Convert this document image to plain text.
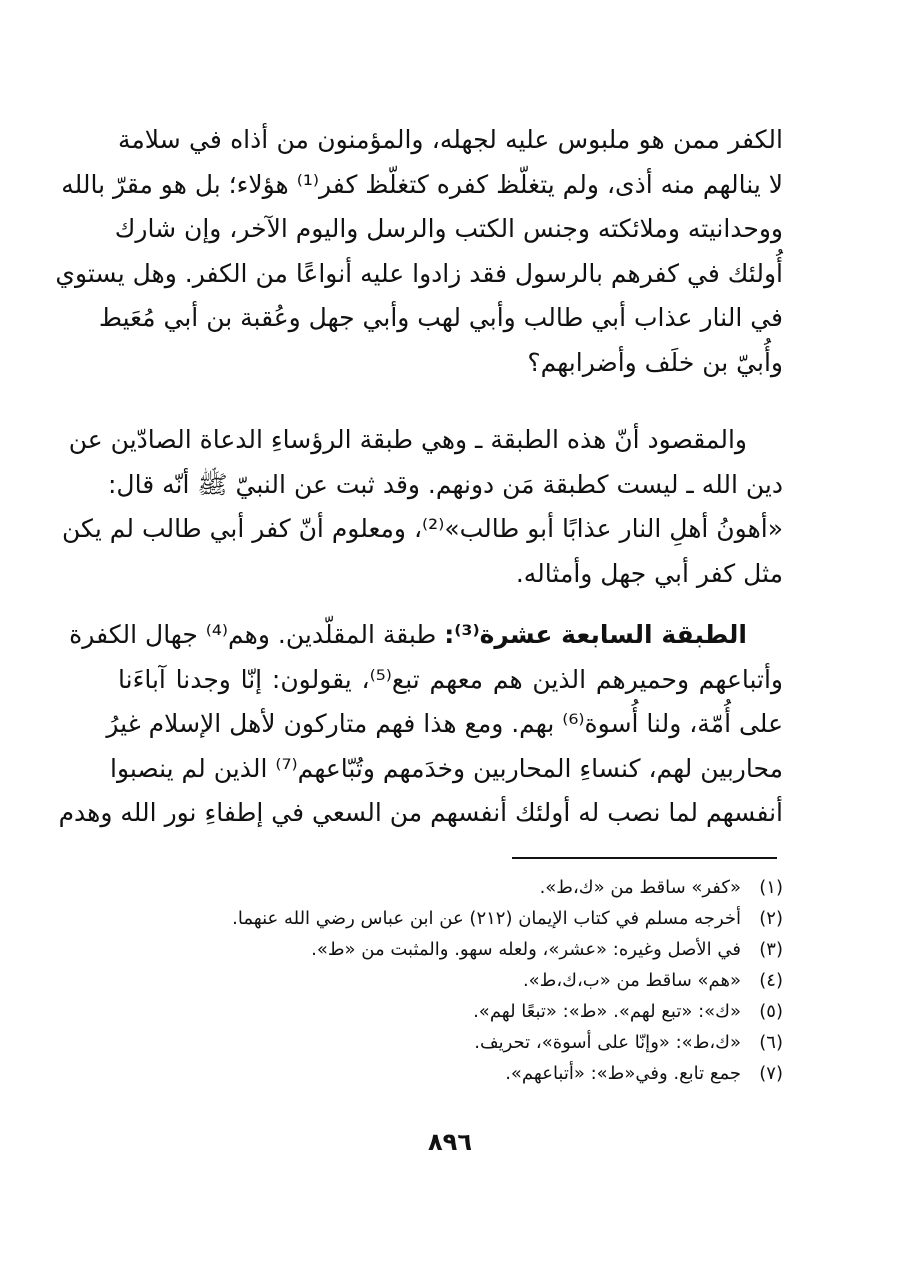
الكفر ممن هو ملبوس عليه لجهله، والمؤمنون من أذاه في سلامة
لا ينالهم منه أذى، ولم يتغلّظ كفره كتغلّظ كفر⁽¹⁾ هؤلاء؛ بل هو مقرّ بالله
ووحدانيته وملائكته وجنس الكتب والرسل واليوم الآخر، وإن شارك
أُولئك في كفرهم بالرسول فقد زادوا عليه أنواعًا من الكفر. وهل يستوي
في النار عذاب أبي طالب وأبي لهب وأبي جهل وعُقبة بن أبي مُعَيط
وأُبيّ بن خلَف وأضرابهم؟
والمقصود أنّ هذه الطبقة ـ وهي طبقة الرؤساءِ الدعاة الصادّين عن
دين الله ـ ليست كطبقة مَن دونهم. وقد ثبت عن النبيّ ﷺ أنّه قال:
«أهونُ أهلِ النار عذابًا أبو طالب»⁽²⁾، ومعلوم أنّ كفر أبي طالب لم يكن
مثل كفر أبي جهل وأمثاله.
الطبقة السابعة عشرة⁽³⁾: طبقة المقلّدين. وهم⁽⁴⁾ جهال الكفرة
وأتباعهم وحميرهم الذين هم معهم تبع⁽⁵⁾، يقولون: إنّا وجدنا آباءَنا
على أُمّة، ولنا أُسوة⁽⁶⁾ بهم. ومع هذا فهم متاركون لأهل الإسلام غيرُ
محاربين لهم، كنساءِ المحاربين وخدَمهم وتُبّاعهم⁽⁷⁾ الذين لم ينصبوا
أنفسهم لما نصب له أولئك أنفسهم من السعي في إطفاءِ نور الله وهدم
(١)
«كفر» ساقط من «ك،ط».
(٢)
أخرجه مسلم في كتاب الإيمان (٢١٢) عن ابن عباس رضي الله عنهما.
(٣)
في الأصل وغيره: «عشر»، ولعله سهو. والمثبت من «ط».
(٤)
«هم» ساقط من «ب،ك،ط».
(٥)
«ك»: «تبع لهم». «ط»: «تبعًا لهم».
(٦)
«ك،ط»: «وإنّا على أسوة»، تحريف.
(٧)
جمع تابع. وفي«ط»: «أتباعهم».
٨٩٦
